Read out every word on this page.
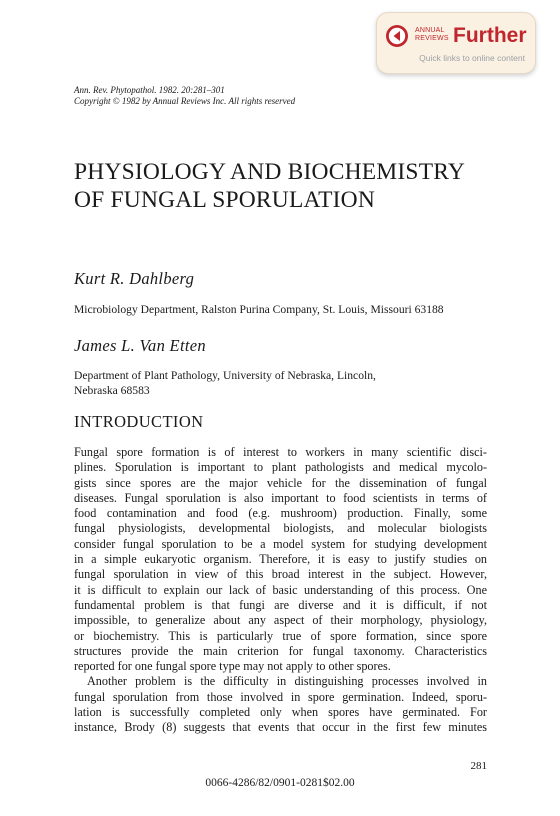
ANNUAL
REVIEWS Further
Quick links to online content
Ann. Rev. Phytopathol. 1982. 20:281–301
Copyright © 1982 by Annual Reviews Inc. All rights reserved
PHYSIOLOGY AND BIOCHEMISTRY
OF FUNGAL SPORULATION
Kurt R. Dahlberg
Microbiology Department, Ralston Purina Company, St. Louis, Missouri 63188
James L. Van Etten
Department of Plant Pathology, University of Nebraska, Lincoln,
Nebraska 68583
INTRODUCTION
Fungal spore formation is of interest to workers in many scientific disci-
plines. Sporulation is important to plant pathologists and medical mycolo-
gists since spores are the major vehicle for the dissemination of fungal
diseases. Fungal sporulation is also important to food scientists in terms of
food contamination and food (e.g. mushroom) production. Finally, some
fungal physiologists, developmental biologists, and molecular biologists
consider fungal sporulation to be a model system for studying development
in a simple eukaryotic organism. Therefore, it is easy to justify studies on
fungal sporulation in view of this broad interest in the subject. However,
it is difficult to explain our lack of basic understanding of this process. One
fundamental problem is that fungi are diverse and it is difficult, if not
impossible, to generalize about any aspect of their morphology, physiology,
or biochemistry. This is particularly true of spore formation, since spore
structures provide the main criterion for fungal taxonomy. Characteristics
reported for one fungal spore type may not apply to other spores.
Another problem is the difficulty in distinguishing processes involved in
fungal sporulation from those involved in spore germination. Indeed, sporu-
lation is successfully completed only when spores have germinated. For
instance, Brody (8) suggests that events that occur in the first few minutes
281
0066-4286/82/0901-0281$02.00
